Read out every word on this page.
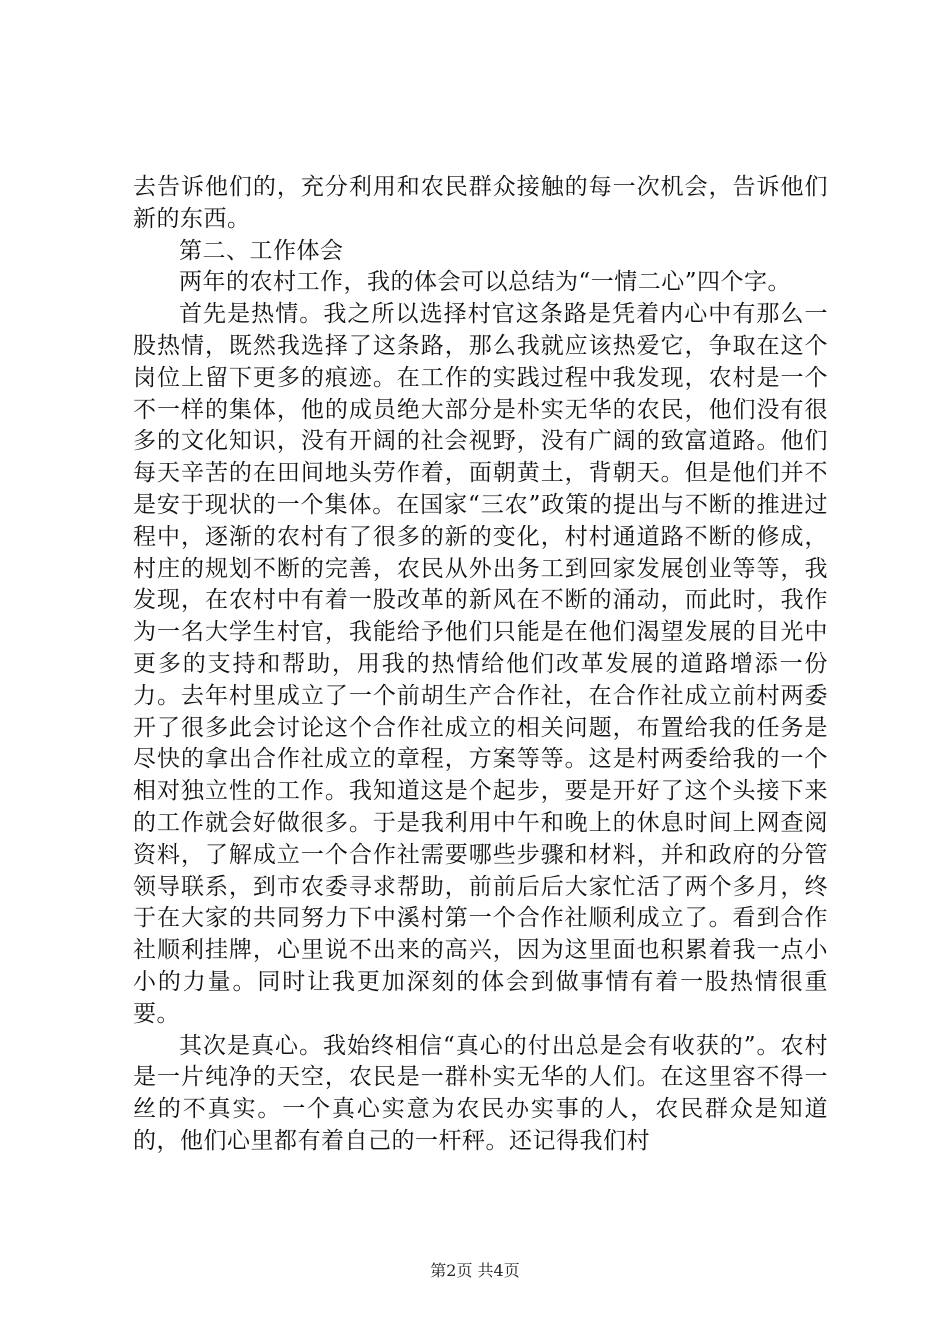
去告诉他们的，充分利用和农民群众接触的每一次机会，告诉他们新的东西。

第二、工作体会

两年的农村工作，我的体会可以总结为“一情二心”四个字。

首先是热情。我之所以选择村官这条路是凭着内心中有那么一股热情，既然我选择了这条路，那么我就应该热爱它，争取在这个岗位上留下更多的痕迹。在工作的实践过程中我发现，农村是一个不一样的集体，他的成员绝大部分是朴实无华的农民，他们没有很多的文化知识，没有开阔的社会视野，没有广阔的致富道路。他们每天辛苦的在田间地头劳作着，面朝黄土，背朝天。但是他们并不是安于现状的一个集体。在国家“三农”政策的提出与不断的推进过程中，逐渐的农村有了很多的新的变化，村村通道路不断的修成，村庄的规划不断的完善，农民从外出务工到回家发展创业等等，我发现，在农村中有着一股改革的新风在不断的涌动，而此时，我作为一名大学生村官，我能给予他们只能是在他们渴望发展的目光中更多的支持和帮助，用我的热情给他们改革发展的道路增添一份力。去年村里成立了一个前胡生产合作社，在合作社成立前村两委开了很多此会讨论这个合作社成立的相关问题，布置给我的任务是尽快的拿出合作社成立的章程，方案等等。这是村两委给我的一个相对独立性的工作。我知道这是个起步，要是开好了这个头接下来的工作就会好做很多。于是我利用中午和晚上的休息时间上网查阅资料，了解成立一个合作社需要哪些步骤和材料，并和政府的分管领导联系，到市农委寻求帮助，前前后后大家忙活了两个多月，终于在大家的共同努力下中溪村第一个合作社顺利成立了。看到合作社顺利挂牌，心里说不出来的高兴，因为这里面也积累着我一点小小的力量。同时让我更加深刻的体会到做事情有着一股热情很重要。

其次是真心。我始终相信“真心的付出总是会有收获的”。农村是一片纯净的天空，农民是一群朴实无华的人们。在这里容不得一丝的不真实。一个真心实意为农民办实事的人，农民群众是知道的，他们心里都有着自己的一杆秤。还记得我们村

第2页 共4页
